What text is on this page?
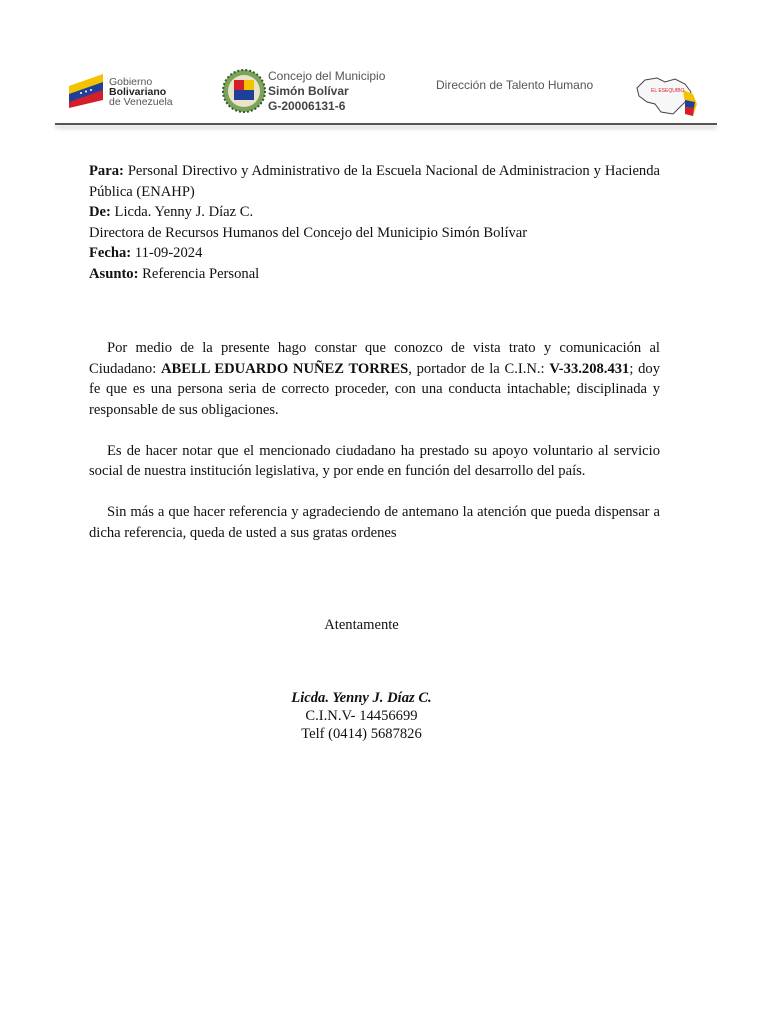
Gobierno
Bolivariano
de Venezuela
Concejo del Municipio
Simón Bolívar
G-20006131-6
Dirección de Talento Humano	EL ESEQUIBO

Para: Personal Directivo y Administrativo de la Escuela Nacional de Administracion y Hacienda Pública (ENAHP)

De: Licda. Yenny J. Díaz C.

Directora de Recursos Humanos del Concejo del Municipio Simón Bolívar

Fecha: 11-09-2024

Asunto: Referencia Personal

Por medio de la presente hago constar que conozco de vista trato y comunicación al Ciudadano: ABELL EDUARDO NUÑEZ TORRES, portador de la C.I.N.: V-33.208.431; doy fe que es una persona seria de correcto proceder, con una conducta intachable; disciplinada y responsable de sus obligaciones.

Es de hacer notar que el mencionado ciudadano ha prestado su apoyo voluntario al servicio social de nuestra institución legislativa, y por ende en función del desarrollo del país.

Sin más a que hacer referencia y agradeciendo de antemano la atención que pueda dispensar a dicha referencia, queda de usted a sus gratas ordenes

Atentamente
Licda. Yenny J. Díaz C.
C.I.N.V- 14456699
Telf (0414) 5687826
